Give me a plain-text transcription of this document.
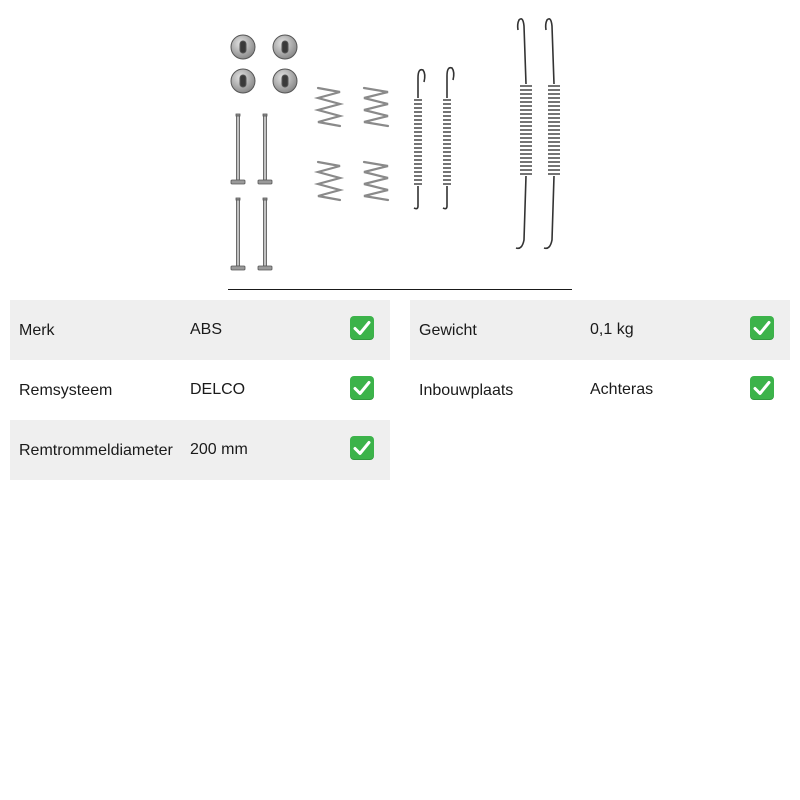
Merk	ABS
Remsysteem	DELCO
Remtrommeldiameter 200 mm
Gewicht	0,1 kg
Inbouwplaats	Achteras
